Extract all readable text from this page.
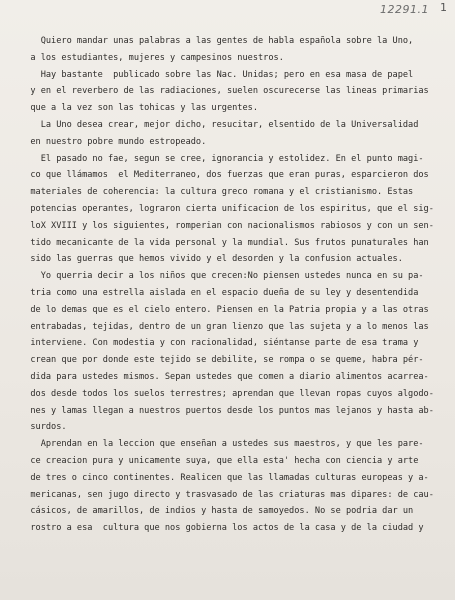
12291.1 1
Quiero mandar unas palabras a las gentes de habla española sobre la Uno,
a los estudiantes, mujeres y campesinos nuestros.
Hay bastante  publicado sobre las Nac. Unidas; pero en esa masa de papel
y en el reverbero de las radiaciones, suelen oscurecerse las lineas primarias
que a la vez son las tohicas y las urgentes.
La Uno desea crear, mejor dicho, resucitar, elsentido de la Universalidad
en nuestro pobre mundo estropeado.
El pasado no fae, segun se cree, ignorancia y estolidez. En el punto magi-
co que llámamos  el Mediterraneo, dos fuerzas que eran puras, esparcieron dos
materiales de coherencia: la cultura greco romana y el cristianismo. Estas
potencias operantes, lograron cierta unificacion de los espiritus, que el sig-
loX XVIII y los siguientes, romperian con nacionalismos rabiosos y con un sen-
tido mecanicante de la vida personal y la mundial. Sus frutos punaturales han
sido las guerras que hemos vivido y el desorden y la confusion actuales.
Yo querria decir a los niños que crecen:No piensen ustedes nunca en su pa-
tria como una estrella aislada en el espacio dueña de su ley y desentendida
de lo demas que es el cielo entero. Piensen en la Patria propia y a las otras
entrabadas, tejidas, dentro de un gran lienzo que las sujeta y a lo menos las
interviene. Con modestia y con racionalidad, siéntanse parte de esa trama y
crean que por donde este tejido se debilite, se rompa o se queme, habra pér-
dida para ustedes mismos. Sepan ustedes que comen a diario alimentos acarrea-
dos desde todos los suelos terrestres; aprendan que llevan ropas cuyos algodo-
nes y lamas llegan a nuestros puertos desde los puntos mas lejanos y hasta ab-
surdos.
Aprendan en la leccion que enseñan a ustedes sus maestros, y que les pare-
ce creacion pura y unicamente suya, que ella esta' hecha con ciencia y arte
de tres o cinco continentes. Realicen que las llamadas culturas europeas y a-
mericanas, sen jugo directo y trasvasado de las criaturas mas dipares: de cau-
cásicos, de amarillos, de indios y hasta de samoyedos. No se podria dar un
rostro a esa  cultura que nos gobierna los actos de la casa y de la ciudad y
